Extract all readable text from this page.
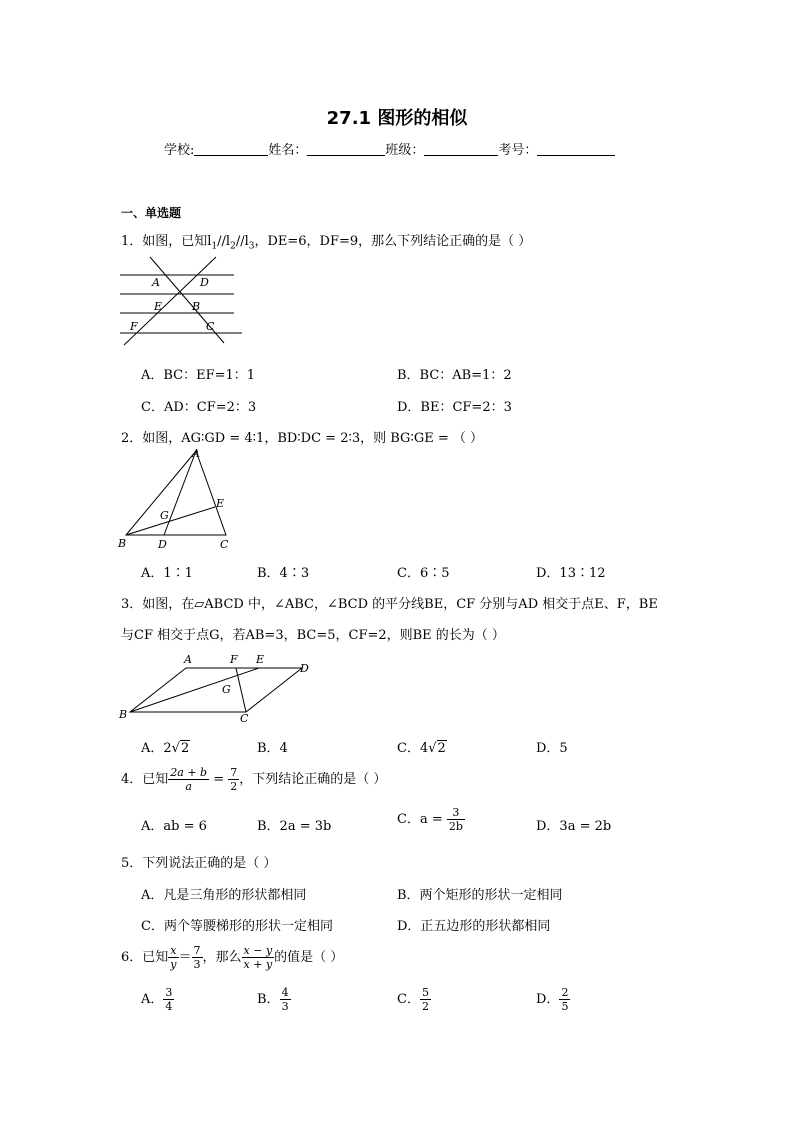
27.1 图形的相似
学校:	姓名：	班级：	考号：
一、单选题
1．如图，已知$l_1//l_2//l_3$，DE=6，DF=9，那么下列结论正确的是（ ）
A	D
E	B
F	C
A．BC：EF=1：1	B．BC：AB=1：2
C．AD：CF=2：3	D．BE：CF=2：3
2．如图，AG∶GD = 4∶1，BD∶DC = 2∶3，则 BG∶GE = （ ）
A
E
G
B	D	C
A．1∶1	B．4∶3	C．6∶5	D．13∶12
3．如图，在▱ABCD 中，∠ABC，∠BCD 的平分线BE，CF 分别与AD 相交于点E、F，BE
与CF 相交于点G，若AB=3，BC=5，CF=2，则BE 的长为（ ）
A	F E
D
G
B	C
A．2√2	B．4	C．4√2	D．5
4．已知 $\frac{2a + b}{a} = \frac{7}{2}$ ，下列结论正确的是（ ）
A．ab = 6	B．2a = 3b	C．$a = \frac{3}{2b}$	D．3a = 2b
5．下列说法正确的是（ ）
A．凡是三角形的形状都相同	B．两个矩形的形状一定相同
C．两个等腰梯形的形状一定相同	D．正五边形的形状都相同
6．已知 $\frac{x}{y} = \frac{7}{3}$ ，那么 $\frac{x - y}{x + y}$ 的值是（ ）
A． $\frac{3}{4}$	B． $\frac{4}{3}$	C． $\frac{5}{2}$	D． $\frac{2}{5}$
